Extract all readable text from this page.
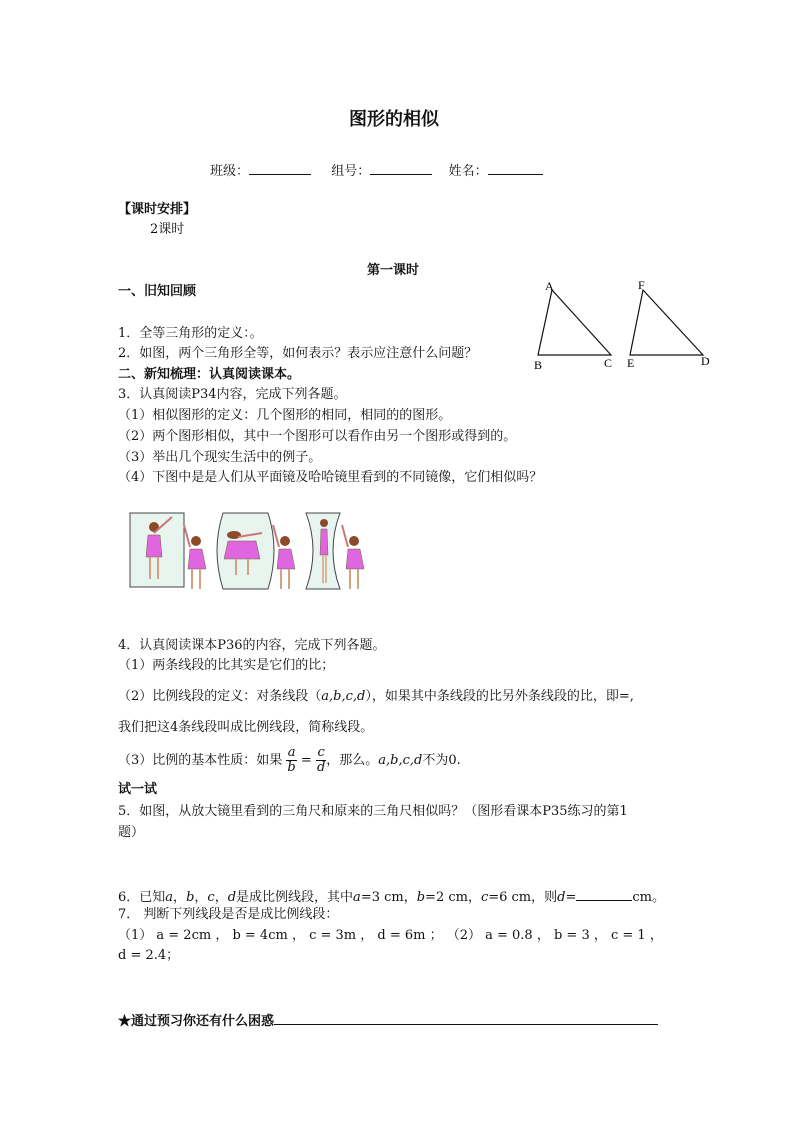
图形的相似
班级：	组号：	姓名：
【课时安排】
2课时
第一课时
一、旧知回顾
1．全等三角形的定义：。
2．如图，两个三角形全等，如何表示？表示应注意什么问题？
二、新知梳理：认真阅读课本。
3．认真阅读P34内容，完成下列各题。
（1）相似图形的定义：几个图形的相同，相同的的图形。
（2）两个图形相似，其中一个图形可以看作由另一个图形或得到的。
（3）举出几个现实生活中的例子。
（4）下图中是是人们从平面镜及哈哈镜里看到的不同镜像，它们相似吗？
A
B	C
F
E	D
4．认真阅读课本P36的内容，完成下列各题。
（1）两条线段的比其实是它们的比；
（2）比例线段的定义：对条线段（a,b,c,d），如果其中条线段的比另外条线段的比，即=,
我们把这4条线段叫成比例线段，简称线段。
（3）比例的基本性质：如果 $\frac{a}{b} = \frac{c}{d}$ ，那么。a,b,c,d不为0.
试一试
5．如图，从放大镜里看到的三角尺和原来的三角尺相似吗？（图形看课本P35练习的第1
题）
6．已知a，b，c，d是成比例线段，其中a=3 cm，b=2 cm，c=6 cm，则d=	cm。
7． 判断下列线段是否是成比例线段：
（1） a = 2cm ， b = 4cm ， c = 3m ， d = 6m ； （2） a = 0.8 ， b = 3 ， c = 1 ，
d = 2.4；
★通过预习你还有什么困惑
